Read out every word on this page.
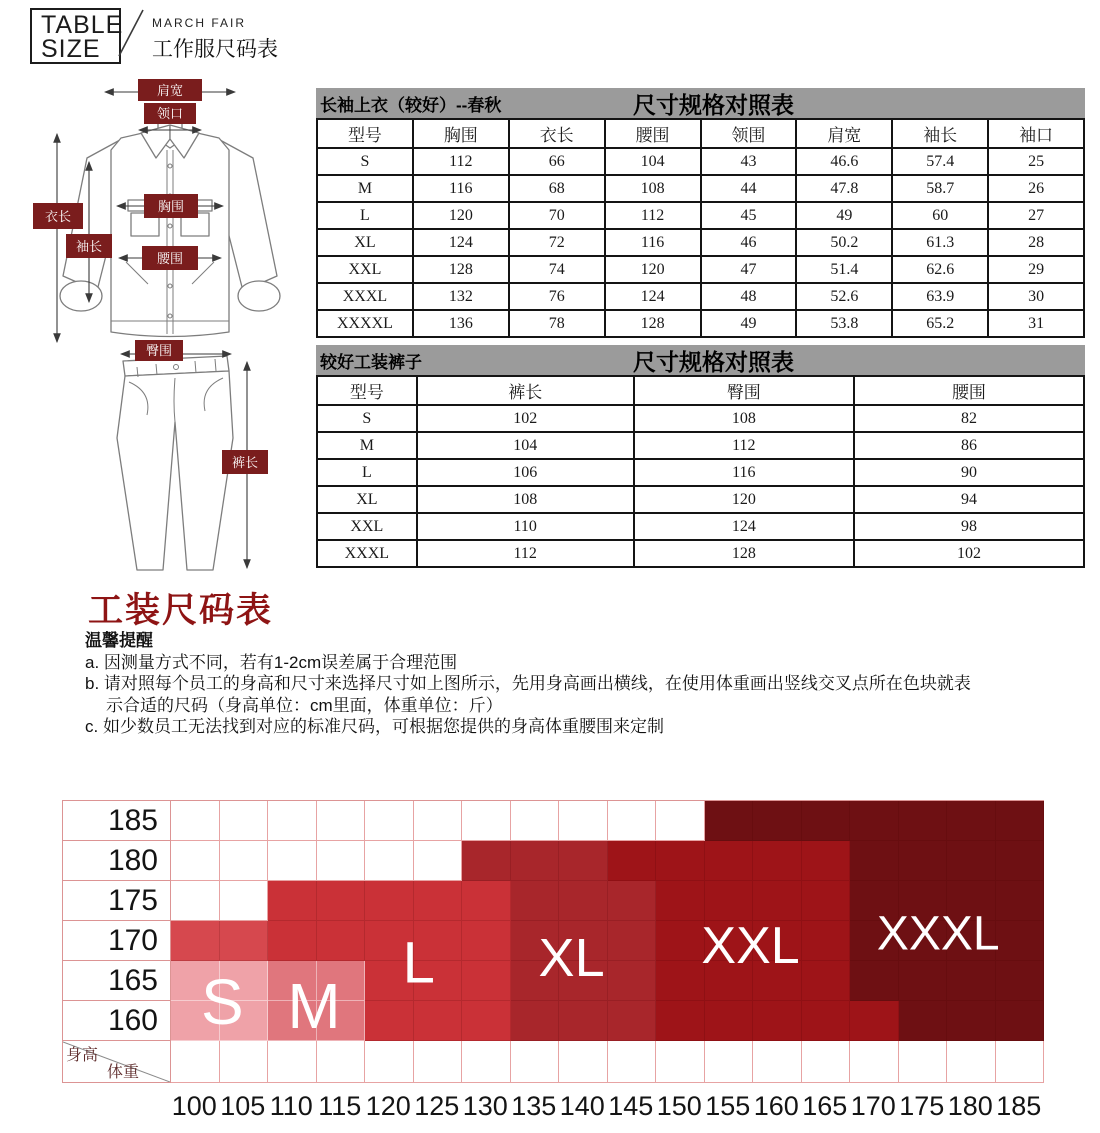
TABLE
SIZE
MARCH FAIR
工作服尺码表
肩宽
领口
衣长
袖长
胸围
腰围
臀围
裤长
长袖上衣（较好）--春秋	尺寸规格对照表
型号	胸围	衣长	腰围	领围	肩宽	袖长	袖口
S	112	66	104	43	46.6	57.4	25
M	116	68	108	44	47.8	58.7	26
L	120	70	112	45	49	60	27
XL	124	72	116	46	50.2	61.3	28
XXL	128	74	120	47	51.4	62.6	29
XXXL	132	76	124	48	52.6	63.9	30
XXXXL	136	78	128	49	53.8	65.2	31
较好工装裤子	尺寸规格对照表
型号	裤长	臀围	腰围
S	102	108	82
M	104	112	86
L	106	116	90
XL	108	120	94
XXL	110	124	98
XXXL	112	128	102
工装尺码表
温馨提醒
a. 因测量方式不同，若有1-2cm误差属于合理范围
b. 请对照每个员工的身高和尺寸来选择尺寸如上图所示，先用身高画出横线，在使用体重画出竖线交叉点所在色块就表
示合适的尺码（身高单位：cm里面，体重单位：斤）
c. 如少数员工无法找到对应的标准尺码，可根据您提供的身高体重腰围来定制
185
180
175
170
165
160
身高
体重
S M
L XL XXL XXXL
100 105 110 115 120 125 130 135 140 145 150 155 160 165 170 175 180 185
